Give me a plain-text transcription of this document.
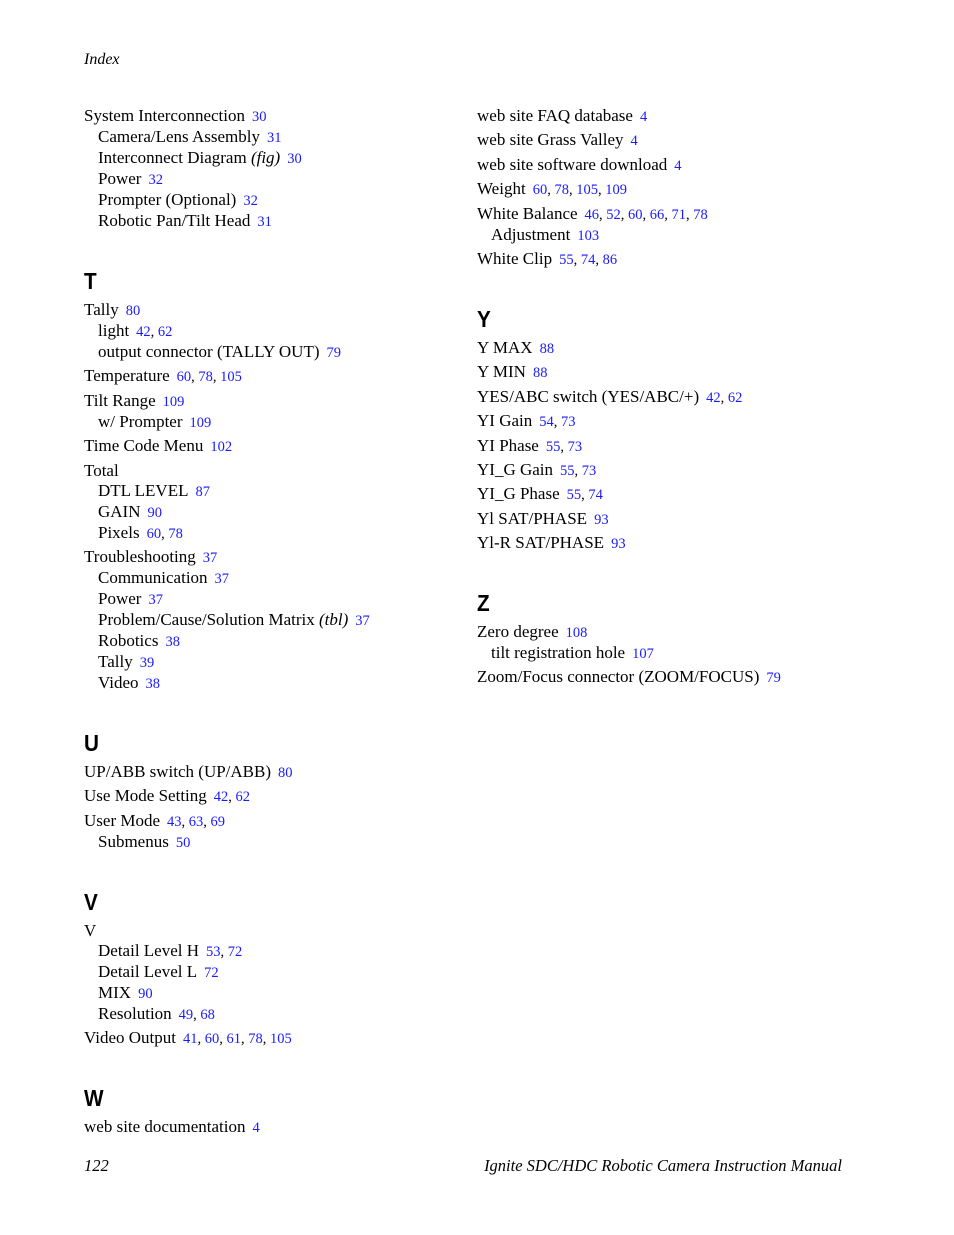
Index
System Interconnection 30
Camera/Lens Assembly 31
Interconnect Diagram (fig) 30
Power 32
Prompter (Optional) 32
Robotic Pan/Tilt Head 31
T
Tally 80
light 42, 62
output connector (TALLY OUT) 79
Temperature 60, 78, 105
Tilt Range 109
w/ Prompter 109
Time Code Menu 102
Total
DTL LEVEL 87
GAIN 90
Pixels 60, 78
Troubleshooting 37
Communication 37
Power 37
Problem/Cause/Solution Matrix (tbl) 37
Robotics 38
Tally 39
Video 38
U
UP/ABB switch (UP/ABB) 80
Use Mode Setting 42, 62
User Mode 43, 63, 69
Submenus 50
V
V
Detail Level H 53, 72
Detail Level L 72
MIX 90
Resolution 49, 68
Video Output 41, 60, 61, 78, 105
W
web site documentation 4
web site FAQ database 4
web site Grass Valley 4
web site software download 4
Weight 60, 78, 105, 109
White Balance 46, 52, 60, 66, 71, 78
Adjustment 103
White Clip 55, 74, 86
Y
Y MAX 88
Y MIN 88
YES/ABC switch (YES/ABC/+) 42, 62
YI Gain 54, 73
YI Phase 55, 73
YI_G Gain 55, 73
YI_G Phase 55, 74
Yl SAT/PHASE 93
Yl-R SAT/PHASE 93
Z
Zero degree 108
tilt registration hole 107
Zoom/Focus connector (ZOOM/FOCUS) 79
122	Ignite SDC/HDC Robotic Camera Instruction Manual
